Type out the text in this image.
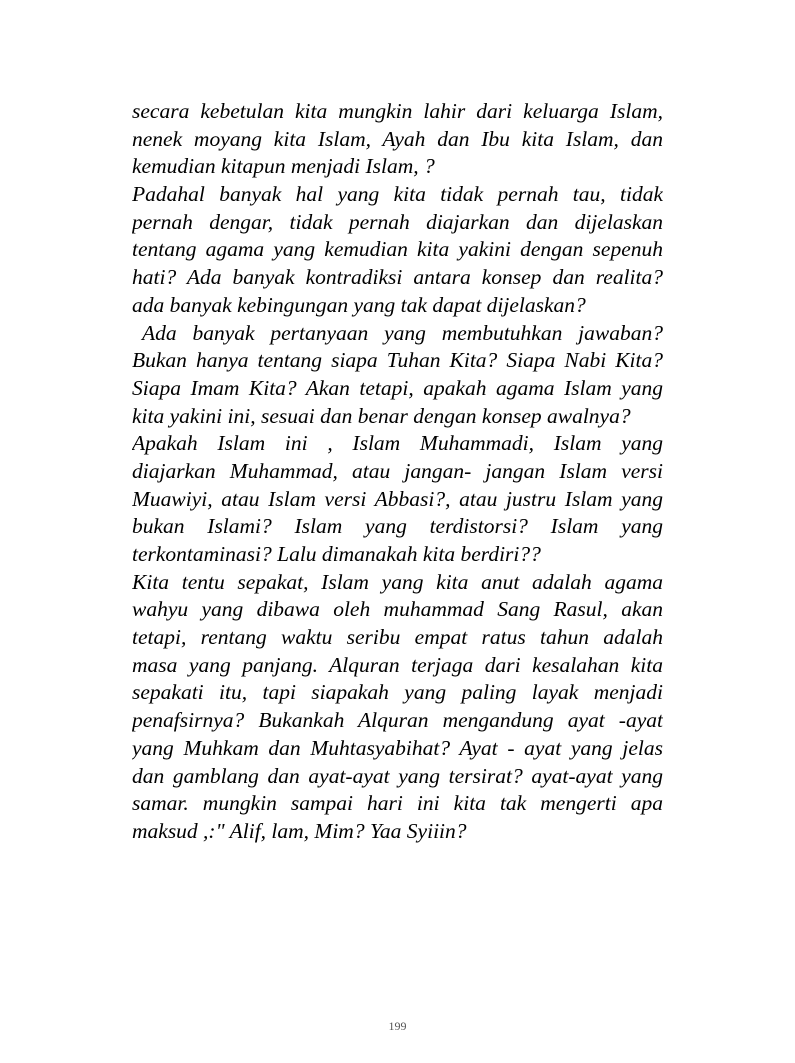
secara kebetulan kita mungkin lahir dari keluarga Islam,
nenek moyang kita Islam, Ayah dan Ibu kita Islam, dan
kemudian kitapun menjadi Islam, ?
Padahal banyak hal yang kita tidak pernah tau, tidak
pernah dengar, tidak pernah diajarkan dan dijelaskan
tentang agama yang kemudian kita yakini dengan sepenuh
hati? Ada banyak kontradiksi antara konsep dan realita?
ada banyak kebingungan yang tak dapat dijelaskan?
Ada banyak pertanyaan yang membutuhkan jawaban?
Bukan hanya tentang siapa Tuhan Kita? Siapa Nabi Kita?
Siapa Imam Kita? Akan tetapi, apakah agama Islam yang
kita yakini ini, sesuai dan benar dengan konsep awalnya?
Apakah Islam ini , Islam Muhammadi, Islam yang
diajarkan Muhammad, atau jangan- jangan Islam versi
Muawiyi, atau Islam versi Abbasi?, atau justru Islam yang
bukan Islami? Islam yang terdistorsi? Islam yang
terkontaminasi? Lalu dimanakah kita berdiri??
Kita tentu sepakat, Islam yang kita anut adalah agama
wahyu yang dibawa oleh muhammad Sang Rasul, akan
tetapi, rentang waktu seribu empat ratus tahun adalah
masa yang panjang. Alquran terjaga dari kesalahan kita
sepakati itu, tapi siapakah yang paling layak menjadi
penafsirnya? Bukankah Alquran mengandung ayat -ayat
yang Muhkam dan Muhtasyabihat? Ayat - ayat yang jelas
dan gamblang dan ayat-ayat yang tersirat? ayat-ayat yang
samar. mungkin sampai hari ini kita tak mengerti apa
maksud ,:" Alif, lam, Mim? Yaa Syiiin?
199
